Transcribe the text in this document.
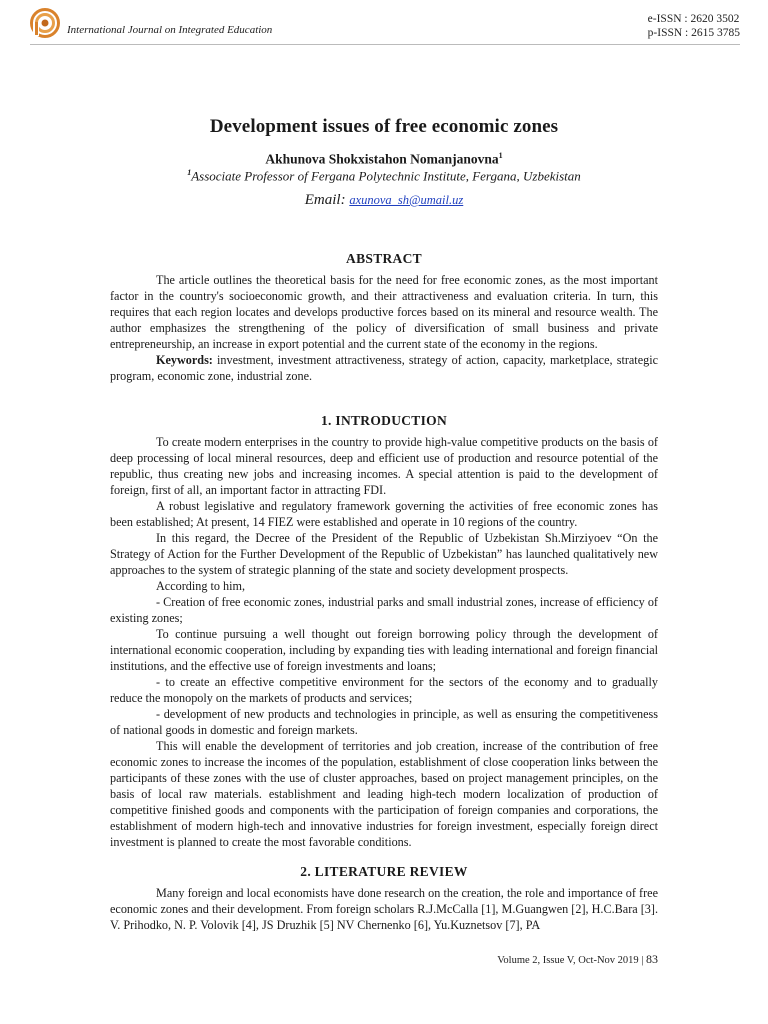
International Journal on Integrated Education
e-ISSN : 2620 3502
p-ISSN : 2615 3785
Development issues of free economic zones
Akhunova Shokxistahon Nomanjanovna$^1$
$^1$Associate Professor of Fergana Polytechnic Institute, Fergana, Uzbekistan
Email: axunova_sh@umail.uz
ABSTRACT

The article outlines the theoretical basis for the need for free economic zones, as the most important factor in the country's socioeconomic growth, and their attractiveness and evaluation criteria. In turn, this requires that each region locates and develops productive forces based on its mineral and resource wealth. The author emphasizes the strengthening of the policy of diversification of small business and private entrepreneurship, an increase in export potential and the current state of the economy in the regions.

Keywords: investment, investment attractiveness, strategy of action, capacity, marketplace, strategic program, economic zone, industrial zone.

1. INTRODUCTION

To create modern enterprises in the country to provide high-value competitive products on the basis of deep processing of local mineral resources, deep and efficient use of production and resource potential of the republic, thus creating new jobs and increasing incomes. A special attention is paid to the development of foreign, first of all, an important factor in attracting FDI.

A robust legislative and regulatory framework governing the activities of free economic zones has been established; At present, 14 FIEZ were established and operate in 10 regions of the country.

In this regard, the Decree of the President of the Republic of Uzbekistan Sh.Mirziyoev “On the Strategy of Action for the Further Development of the Republic of Uzbekistan” has launched qualitatively new approaches to the system of strategic planning of the state and society development prospects.

According to him,

- Creation of free economic zones, industrial parks and small industrial zones, increase of efficiency of existing zones;

To continue pursuing a well thought out foreign borrowing policy through the development of international economic cooperation, including by expanding ties with leading international and foreign financial institutions, and the effective use of foreign investments and loans;

- to create an effective competitive environment for the sectors of the economy and to gradually reduce the monopoly on the markets of products and services;

- development of new products and technologies in principle, as well as ensuring the competitiveness of national goods in domestic and foreign markets.

This will enable the development of territories and job creation, increase of the contribution of free economic zones to increase the incomes of the population, establishment of close cooperation links between the participants of these zones with the use of cluster approaches, based on project management principles, on the basis of local raw materials. establishment and leading high-tech modern localization of production of competitive finished goods and components with the participation of foreign companies and corporations, the establishment of modern high-tech and innovative industries for foreign investment, especially foreign direct investment is planned to create the most favorable conditions.

2. LITERATURE REVIEW

Many foreign and local economists have done research on the creation, the role and importance of free economic zones and their development. From foreign scholars R.J.McCalla [1], M.Guangwen [2], H.C.Bara [3]. V. Prihodko, N. P. Volovik [4], JS Druzhik [5] NV Chernenko [6], Yu.Kuznetsov [7], PA

Volume 2, Issue V, Oct-Nov 2019 | 83
